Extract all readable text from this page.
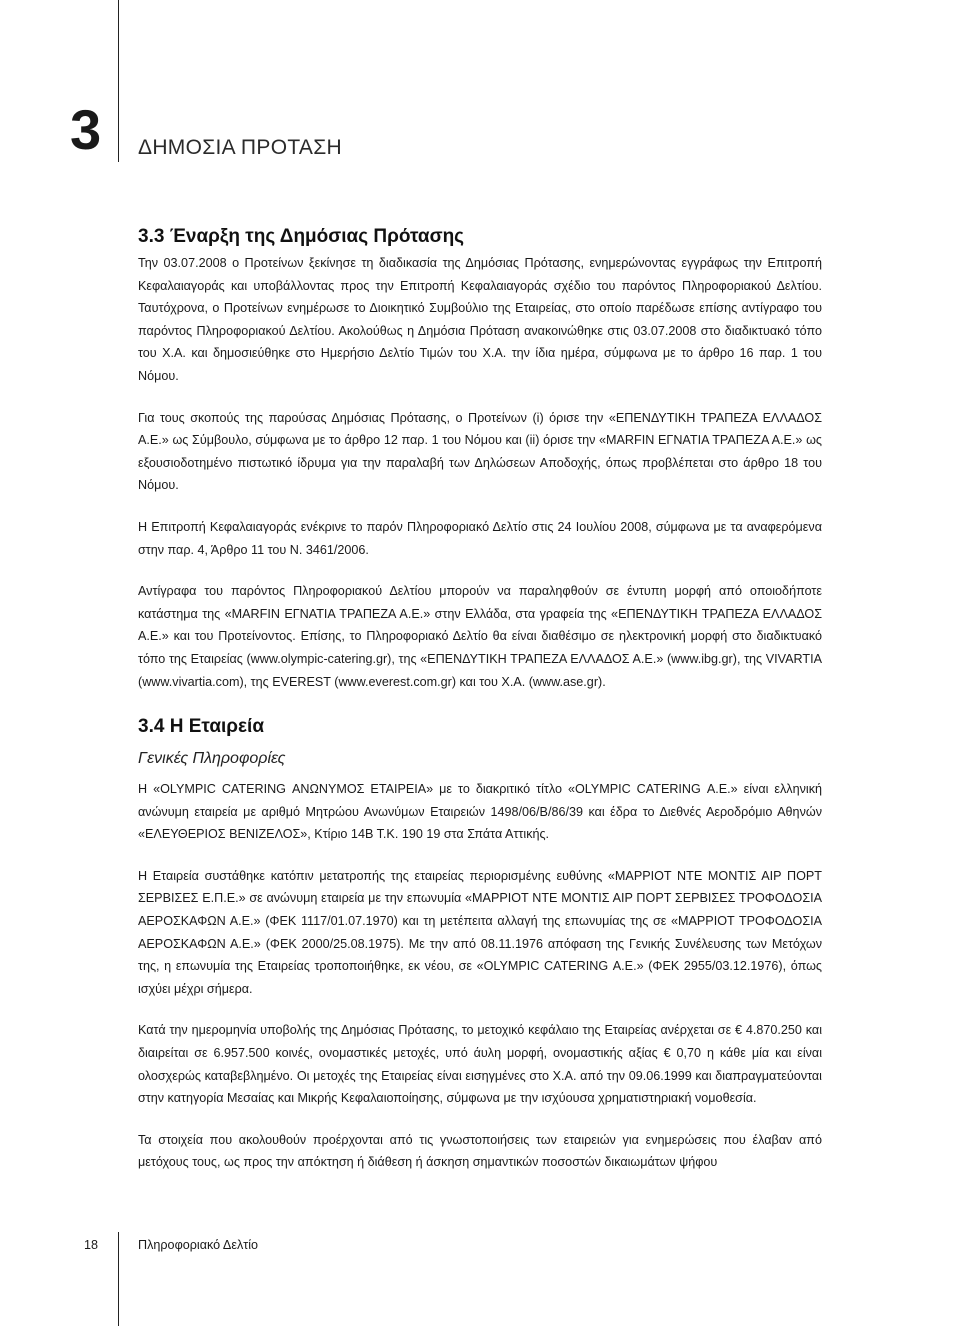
3 ΔΗΜΟΣΙΑ ΠΡΟΤΑΣΗ
3.3 Έναρξη της Δημόσιας Πρότασης

Την 03.07.2008 ο Προτείνων ξεκίνησε τη διαδικασία της Δημόσιας Πρότασης, ενημερώνοντας εγγράφως την Επιτροπή Κεφαλαιαγοράς και υποβάλλοντας προς την Επιτροπή Κεφαλαιαγοράς σχέδιο του παρόντος Πληροφοριακού Δελτίου. Ταυτόχρονα, ο Προτείνων ενημέρωσε το Διοικητικό Συμβούλιο της Εταιρείας, στο οποίο παρέδωσε επίσης αντίγραφο του παρόντος Πληροφοριακού Δελτίου. Ακολούθως η Δημόσια Πρόταση ανακοινώθηκε στις 03.07.2008 στο διαδικτυακό τόπο του Χ.Α. και δημοσιεύθηκε στο Ημερήσιο Δελτίο Τιμών του Χ.Α. την ίδια ημέρα, σύμφωνα με το άρθρο 16 παρ. 1 του Νόμου.

Για τους σκοπούς της παρούσας Δημόσιας Πρότασης, ο Προτείνων (i) όρισε την «ΕΠΕΝΔΥΤΙΚΗ ΤΡΑΠΕΖΑ ΕΛΛΑΔΟΣ Α.Ε.» ως Σύμβουλο, σύμφωνα με το άρθρο 12 παρ. 1 του Νόμου και (ii) όρισε την «MARFIN ΕΓΝΑΤΙΑ ΤΡΑΠΕΖΑ Α.Ε.» ως εξουσιοδοτημένο πιστωτικό ίδρυμα για την παραλαβή των Δηλώσεων Αποδοχής, όπως προβλέπεται στο άρθρο 18 του Νόμου.

Η Επιτροπή Κεφαλαιαγοράς ενέκρινε το παρόν Πληροφοριακό Δελτίο στις 24 Ιουλίου 2008, σύμφωνα με τα αναφερόμενα στην παρ. 4, Άρθρο 11 του Ν. 3461/2006.

Αντίγραφα του παρόντος Πληροφοριακού Δελτίου μπορούν να παραληφθούν σε έντυπη μορφή από οποιοδήποτε κατάστημα της «MARFIN ΕΓΝΑΤΙΑ ΤΡΑΠΕΖΑ Α.Ε.» στην Ελλάδα, στα γραφεία της «ΕΠΕΝΔΥΤΙΚΗ ΤΡΑΠΕΖΑ ΕΛΛΑΔΟΣ Α.Ε.» και του Προτείνοντος. Επίσης, το Πληροφοριακό Δελτίο θα είναι διαθέσιμο σε ηλεκτρονική μορφή στο διαδικτυακό τόπο της Εταιρείας (www.olympic-catering.gr), της «ΕΠΕΝΔΥΤΙΚΗ ΤΡΑΠΕΖΑ ΕΛΛΑΔΟΣ Α.Ε.» (www.ibg.gr), της VIVARTIA (www.vivartia.com), της EVEREST (www.everest.com.gr) και του Χ.Α. (www.ase.gr).

3.4 Η Εταιρεία
Γενικές Πληροφορίες

Η «OLYMPIC CATERING ΑΝΩΝΥΜΟΣ ΕΤΑΙΡΕΙΑ» με το διακριτικό τίτλο «OLYMPIC CATERING Α.Ε.» είναι ελληνική ανώνυμη εταιρεία με αριθμό Μητρώου Ανωνύμων Εταιρειών 1498/06/Β/86/39 και έδρα το Διεθνές Αεροδρόμιο Αθηνών «ΕΛΕΥΘΕΡΙΟΣ ΒΕΝΙΖΕΛΟΣ», Κτίριο 14Β Τ.Κ. 190 19 στα Σπάτα Αττικής.

Η Εταιρεία συστάθηκε κατόπιν μετατροπής της εταιρείας περιορισμένης ευθύνης «ΜΑΡΡΙΟΤ ΝΤΕ ΜΟΝΤΙΣ ΑΙΡ ΠΟΡΤ ΣΕΡΒΙΣΕΣ Ε.Π.Ε.» σε ανώνυμη εταιρεία με την επωνυμία «ΜΑΡΡΙΟΤ ΝΤΕ ΜΟΝΤΙΣ ΑΙΡ ΠΟΡΤ ΣΕΡΒΙΣΕΣ ΤΡΟΦΟΔΟΣΙΑ ΑΕΡΟΣΚΑΦΩΝ Α.Ε.» (ΦΕΚ 1117/01.07.1970) και τη μετέπειτα αλλαγή της επωνυμίας της σε «ΜΑΡΡΙΟΤ ΤΡΟΦΟΔΟΣΙΑ ΑΕΡΟΣΚΑΦΩΝ Α.Ε.» (ΦΕΚ 2000/25.08.1975). Με την από 08.11.1976 απόφαση της Γενικής Συνέλευσης των Μετόχων της, η επωνυμία της Εταιρείας τροποποιήθηκε, εκ νέου, σε «OLYMPIC CATERING Α.Ε.» (ΦΕΚ 2955/03.12.1976), όπως ισχύει μέχρι σήμερα.

Κατά την ημερομηνία υποβολής της Δημόσιας Πρότασης, το μετοχικό κεφάλαιο της Εταιρείας ανέρχεται σε € 4.870.250 και διαιρείται σε 6.957.500 κοινές, ονομαστικές μετοχές, υπό άυλη μορφή, ονομαστικής αξίας € 0,70 η κάθε μία και είναι ολοσχερώς καταβεβλημένο. Οι μετοχές της Εταιρείας είναι εισηγμένες στο Χ.Α. από την 09.06.1999 και διαπραγματεύονται στην κατηγορία Μεσαίας και Μικρής Κεφαλαιοποίησης, σύμφωνα με την ισχύουσα χρηματιστηριακή νομοθεσία.

Τα στοιχεία που ακολουθούν προέρχονται από τις γνωστοποιήσεις των εταιρειών για ενημερώσεις που έλαβαν από μετόχους τους, ως προς την απόκτηση ή διάθεση ή άσκηση σημαντικών ποσοστών δικαιωμάτων ψήφου

18	Πληροφοριακό Δελτίο
